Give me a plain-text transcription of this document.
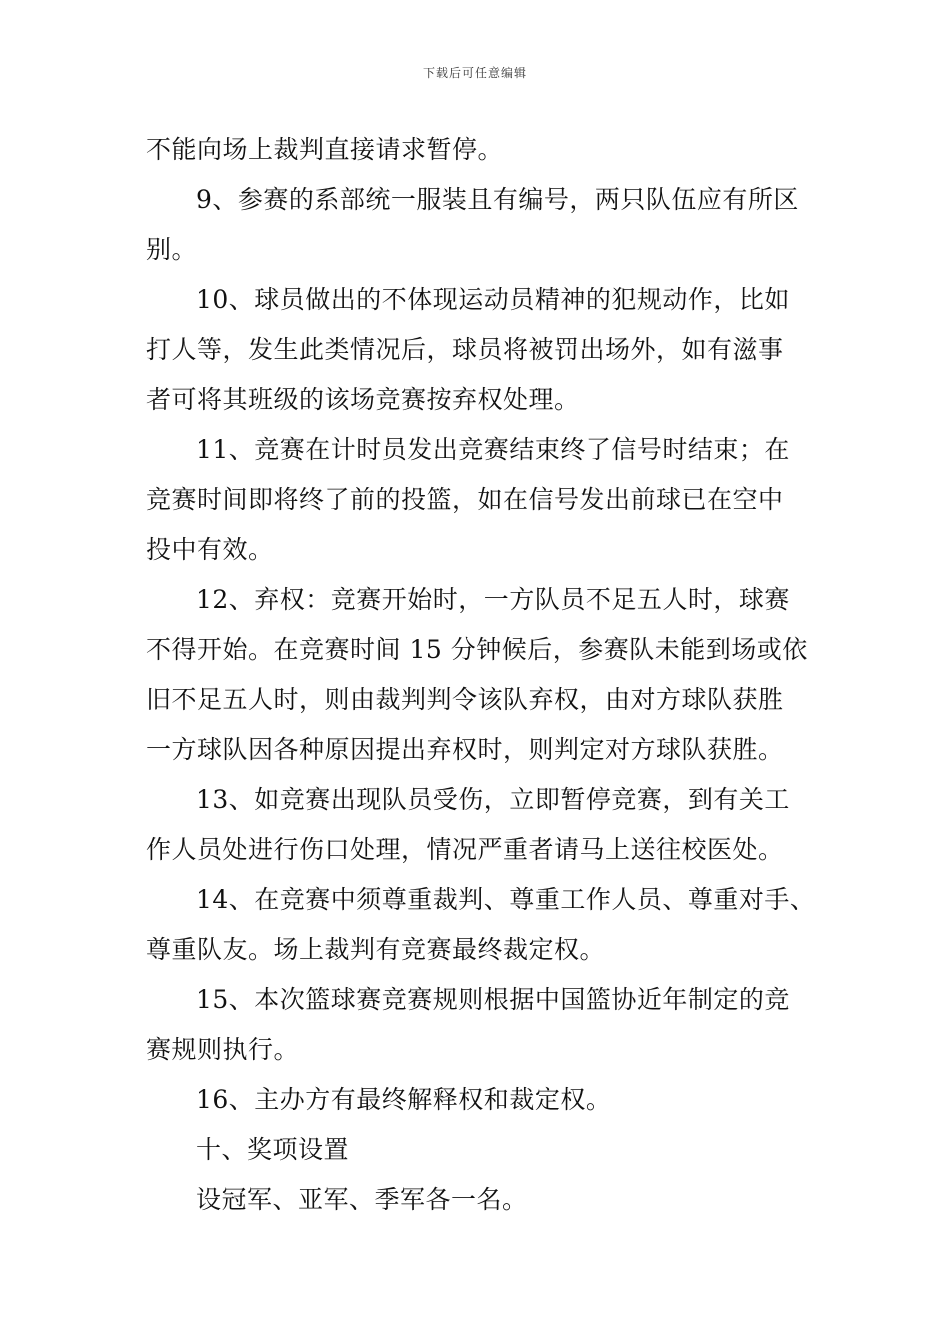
下载后可任意编辑
不能向场上裁判直接请求暂停。
9、参赛的系部统一服装且有编号，两只队伍应有所区
别。
10、球员做出的不体现运动员精神的犯规动作，比如
打人等，发生此类情况后，球员将被罚出场外，如有滋事
者可将其班级的该场竞赛按弃权处理。
11、竞赛在计时员发出竞赛结束终了信号时结束；在
竞赛时间即将终了前的投篮，如在信号发出前球已在空中
投中有效。
12、弃权：竞赛开始时，一方队员不足五人时，球赛
不得开始。在竞赛时间 15 分钟候后，参赛队未能到场或依
旧不足五人时，则由裁判判令该队弃权，由对方球队获胜
一方球队因各种原因提出弃权时，则判定对方球队获胜。
13、如竞赛出现队员受伤，立即暂停竞赛，到有关工
作人员处进行伤口处理，情况严重者请马上送往校医处。
14、在竞赛中须尊重裁判、尊重工作人员、尊重对手、
尊重队友。场上裁判有竞赛最终裁定权。
15、本次篮球赛竞赛规则根据中国篮协近年制定的竞
赛规则执行。
16、主办方有最终解释权和裁定权。
十、奖项设置
设冠军、亚军、季军各一名。
